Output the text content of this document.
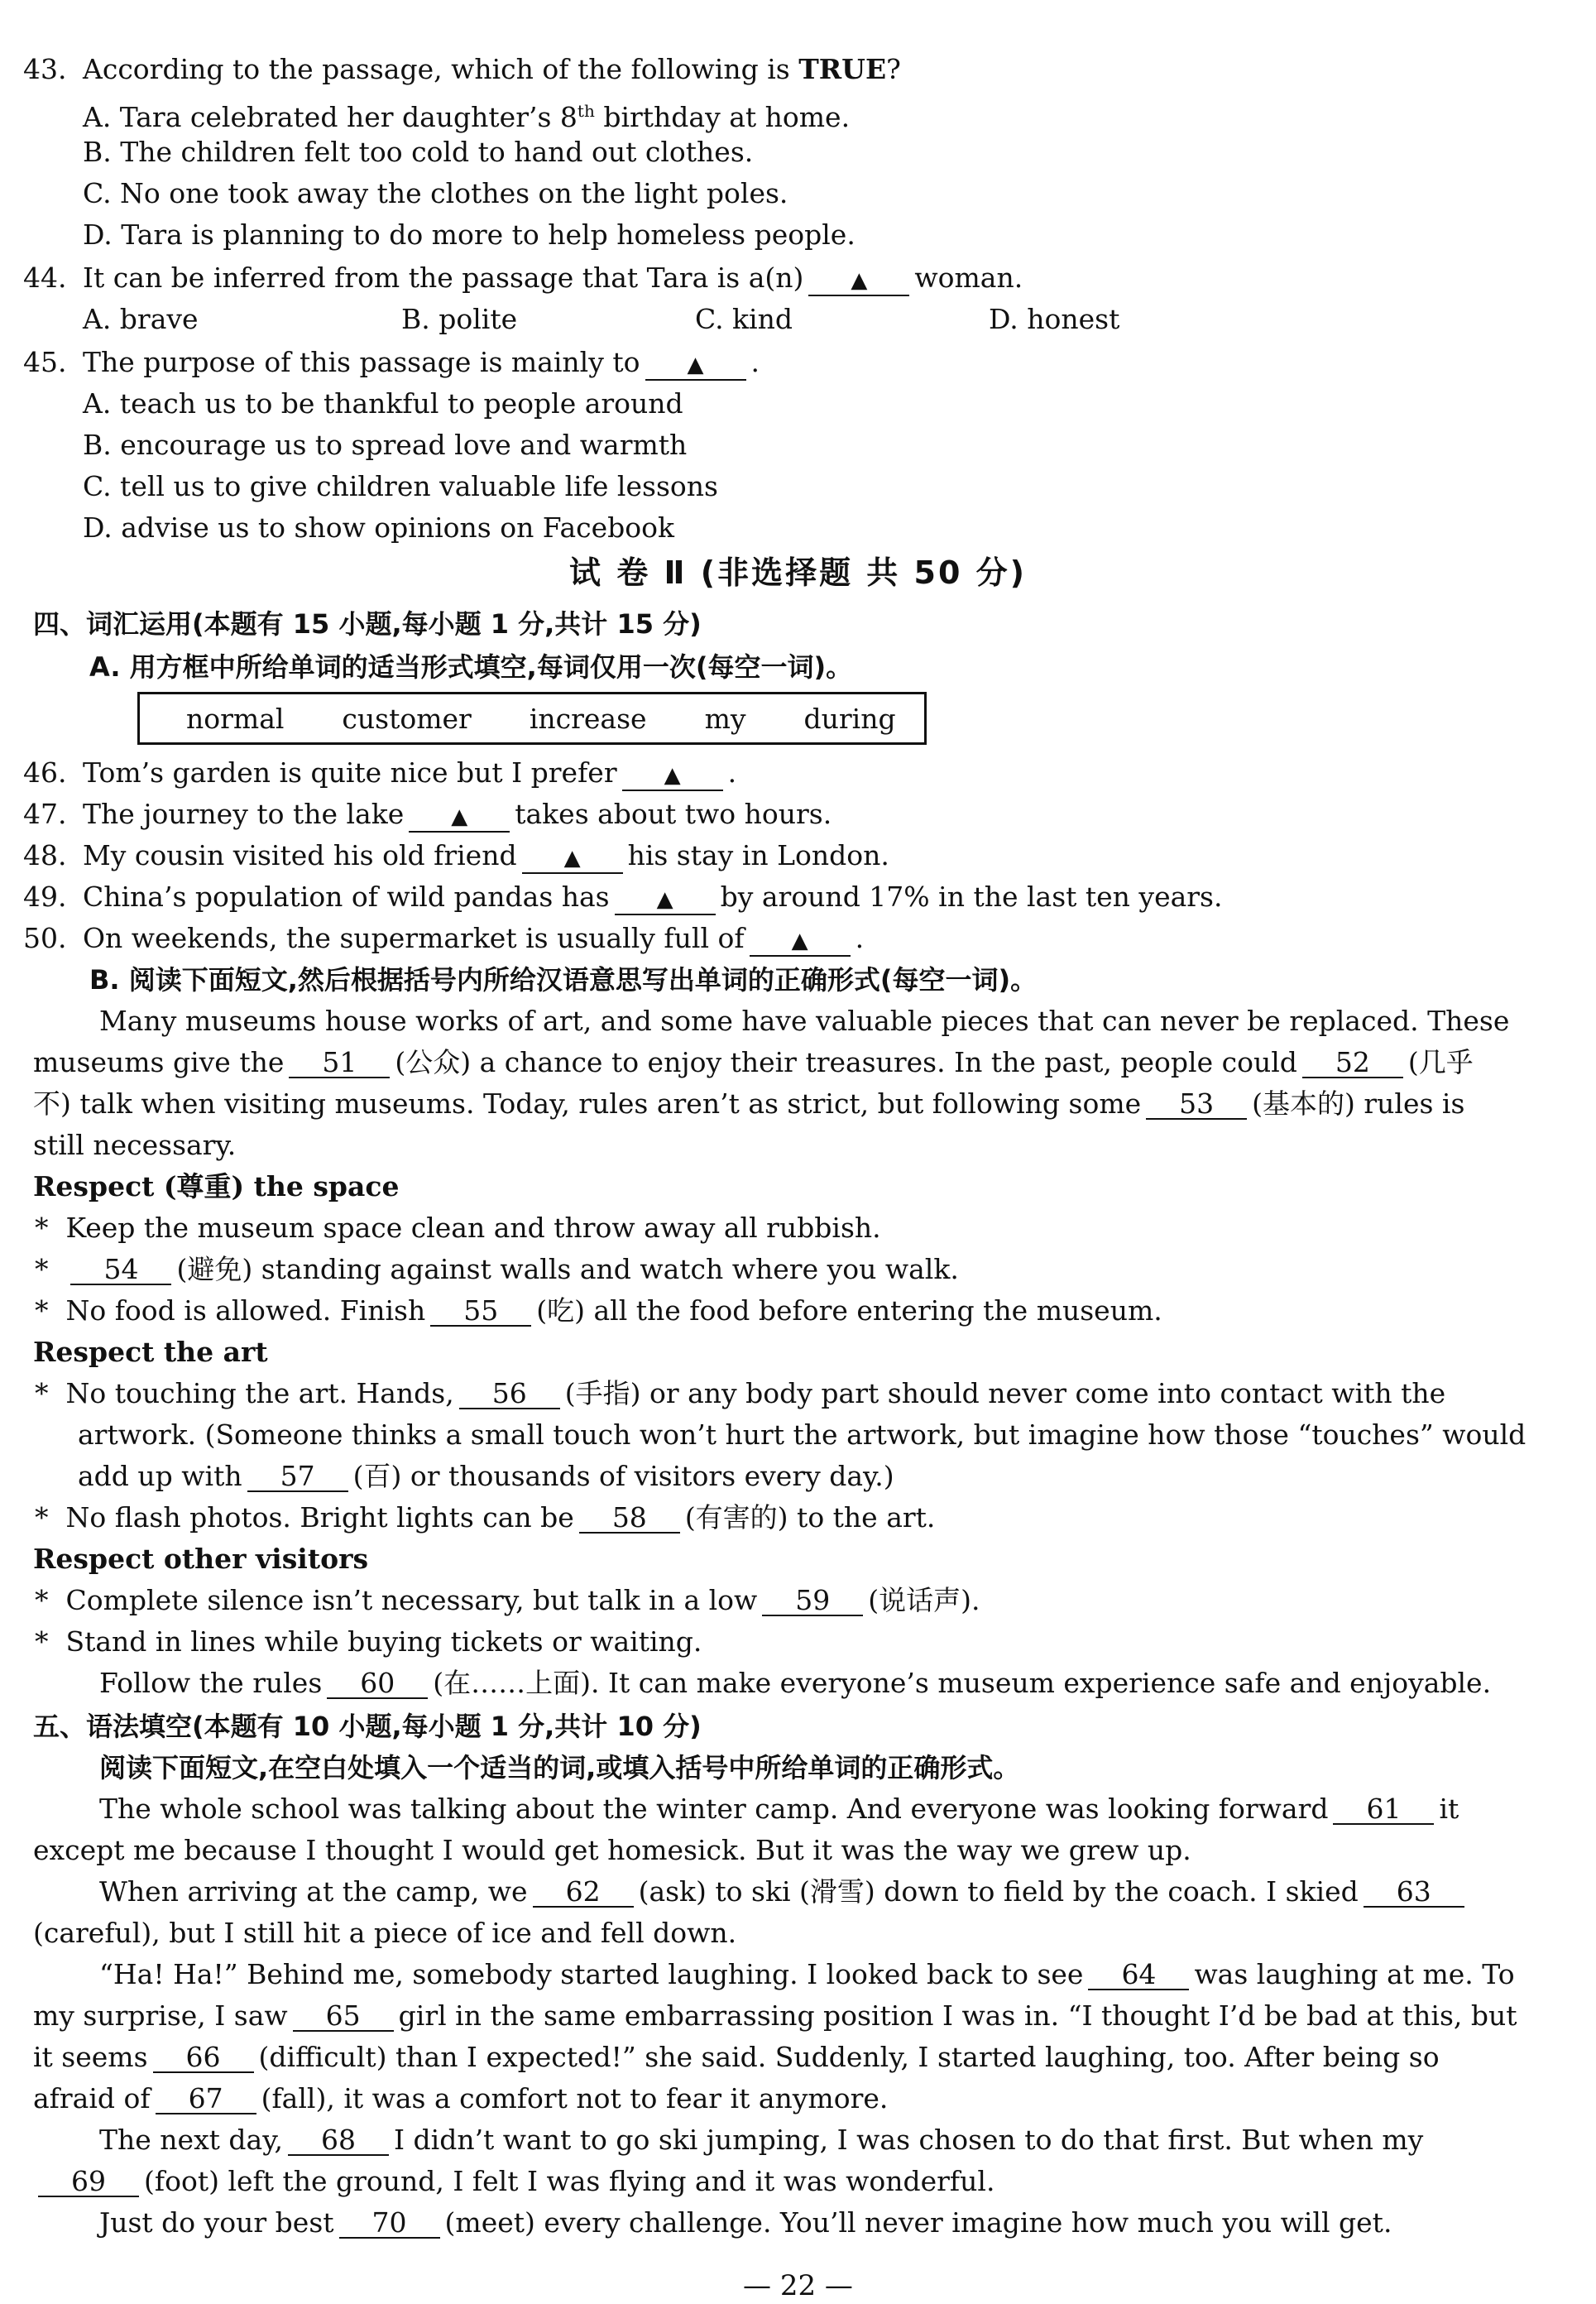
43. According to the passage, which of the following is TRUE?
A. Tara celebrated her daughter’s 8th birthday at home.
B. The children felt too cold to hand out clothes.
C. No one took away the clothes on the light poles.
D. Tara is planning to do more to help homeless people.
44. It can be inferred from the passage that Tara is a(n) ▲ woman.
A. brave	B. polite	C. kind	D. honest
45. The purpose of this passage is mainly to ▲ .
A. teach us to be thankful to people around
B. encourage us to spread love and warmth
C. tell us to give children valuable life lessons
D. advise us to show opinions on Facebook
试 卷 Ⅱ (非选择题 共 50 分)
四、词汇运用(本题有 15 小题,每小题 1 分,共计 15 分)
A. 用方框中所给单词的适当形式填空,每词仅用一次(每空一词)。
normal customer increase my during
46. Tom’s garden is quite nice but I prefer ▲ .
47. The journey to the lake ▲ takes about two hours.
48. My cousin visited his old friend ▲ his stay in London.
49. China’s population of wild pandas has ▲ by around 17% in the last ten years.
50. On weekends, the supermarket is usually full of ▲ .
B. 阅读下面短文,然后根据括号内所给汉语意思写出单词的正确形式(每空一词)。
Many museums house works of art, and some have valuable pieces that can never be replaced. These
museums give the 51 (公众) a chance to enjoy their treasures. In the past, people could 52 (几乎
不) talk when visiting museums. Today, rules aren’t as strict, but following some 53 (基本的) rules is
still necessary.
Respect (尊重) the space
*  Keep the museum space clean and throw away all rubbish.
*  54 (避免) standing against walls and watch where you walk.
*  No food is allowed. Finish 55 (吃) all the food before entering the museum.
Respect the art
*  No touching the art. Hands, 56 (手指) or any body part should never come into contact with the
artwork. (Someone thinks a small touch won’t hurt the artwork, but imagine how those “touches” would
add up with 57 (百) or thousands of visitors every day.)
*  No flash photos. Bright lights can be 58 (有害的) to the art.
Respect other visitors
*  Complete silence isn’t necessary, but talk in a low 59 (说话声).
*  Stand in lines while buying tickets or waiting.
Follow the rules 60 (在……上面). It can make everyone’s museum experience safe and enjoyable.
五、语法填空(本题有 10 小题,每小题 1 分,共计 10 分)
阅读下面短文,在空白处填入一个适当的词,或填入括号中所给单词的正确形式。
The whole school was talking about the winter camp. And everyone was looking forward 61 it
except me because I thought I would get homesick. But it was the way we grew up.
When arriving at the camp, we 62 (ask) to ski (滑雪) down to field by the coach. I skied 63
(careful), but I still hit a piece of ice and fell down.
“Ha! Ha!” Behind me, somebody started laughing. I looked back to see 64 was laughing at me. To
my surprise, I saw 65 girl in the same embarrassing position I was in. “I thought I’d be bad at this, but
it seems 66 (difficult) than I expected!” she said. Suddenly, I started laughing, too. After being so
afraid of 67 (fall), it was a comfort not to fear it anymore.
The next day, 68 I didn’t want to go ski jumping, I was chosen to do that first. But when my
69 (foot) left the ground, I felt I was flying and it was wonderful.
Just do your best 70 (meet) every challenge. You’ll never imagine how much you will get.
— 22 —
